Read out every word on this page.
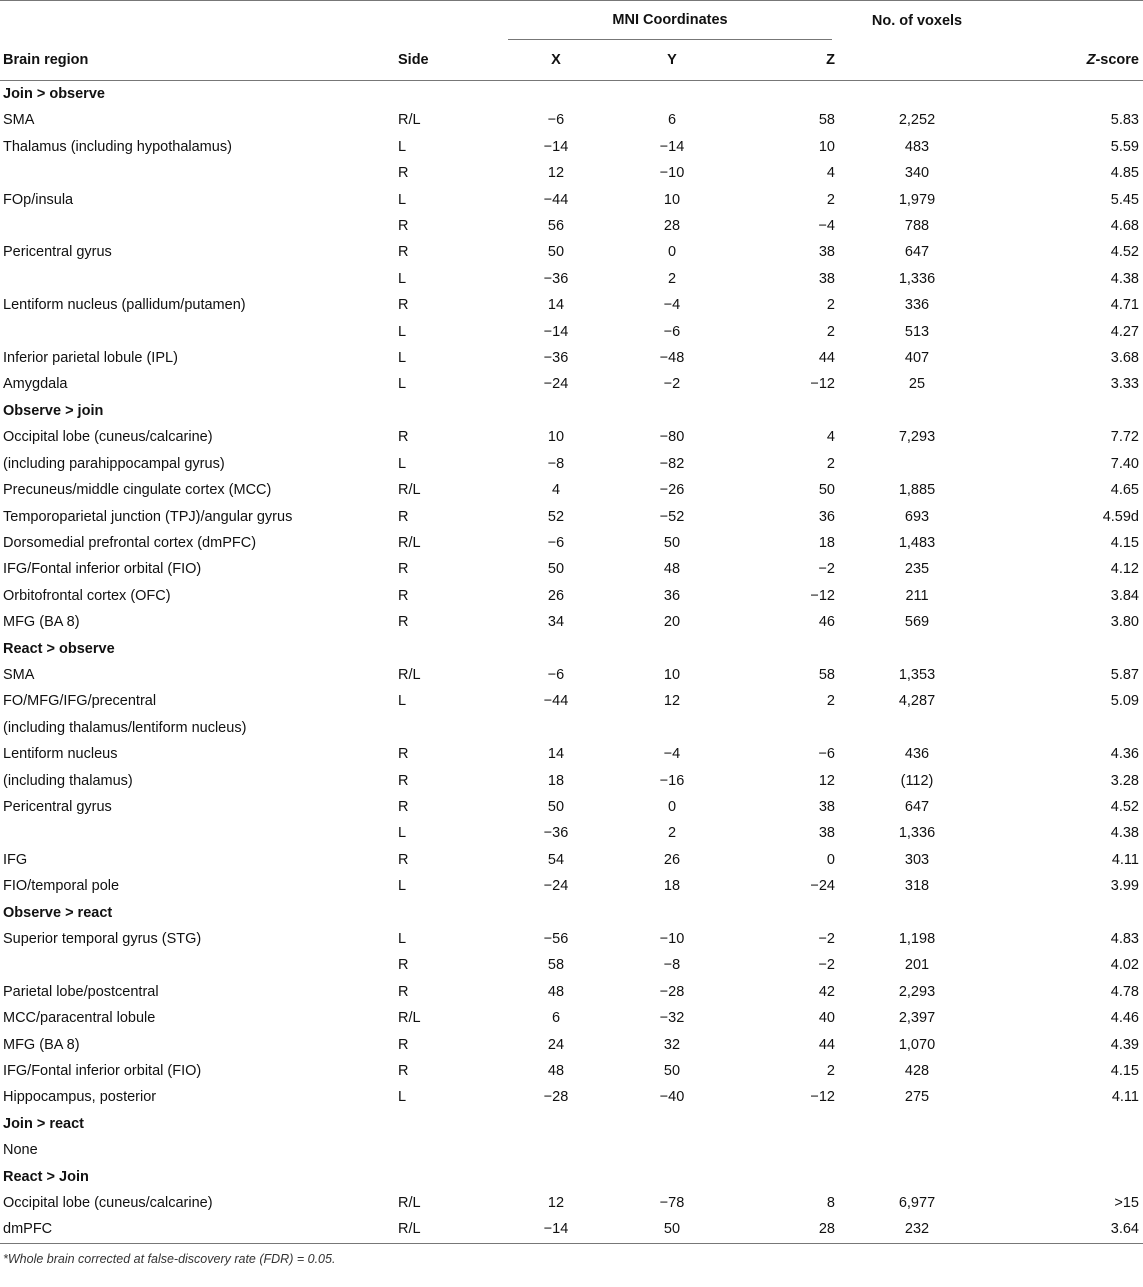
		MNI Coordinates			No. of voxels	
Brain region	Side	X	Y	Z		Z-score
Join > observe						
SMA	R/L	−6	6	58	2,252	5.83
Thalamus (including hypothalamus)	L	−14	−14	10	483	5.59
	R	12	−10	4	340	4.85
FOp/insula	L	−44	10	2	1,979	5.45
	R	56	28	−4	788	4.68
Pericentral gyrus	R	50	0	38	647	4.52
	L	−36	2	38	1,336	4.38
Lentiform nucleus (pallidum/putamen)	R	14	−4	2	336	4.71
	L	−14	−6	2	513	4.27
Inferior parietal lobule (IPL)	L	−36	−48	44	407	3.68
Amygdala	L	−24	−2	−12	25	3.33
Observe > join						
Occipital lobe (cuneus/calcarine)	R	10	−80	4	7,293	7.72
(including parahippocampal gyrus)	L	−8	−82	2		7.40
Precuneus/middle cingulate cortex (MCC)	R/L	4	−26	50	1,885	4.65
Temporoparietal junction (TPJ)/angular gyrus	R	52	−52	36	693	4.59d
Dorsomedial prefrontal cortex (dmPFC)	R/L	−6	50	18	1,483	4.15
IFG/Fontal inferior orbital (FIO)	R	50	48	−2	235	4.12
Orbitofrontal cortex (OFC)	R	26	36	−12	211	3.84
MFG (BA 8)	R	34	20	46	569	3.80
React > observe						
SMA	R/L	−6	10	58	1,353	5.87
FO/MFG/IFG/precentral	L	−44	12	2	4,287	5.09
(including thalamus/lentiform nucleus)						
Lentiform nucleus	R	14	−4	−6	436	4.36
(including thalamus)	R	18	−16	12	(112)	3.28
Pericentral gyrus	R	50	0	38	647	4.52
	L	−36	2	38	1,336	4.38
IFG	R	54	26	0	303	4.11
FIO/temporal pole	L	−24	18	−24	318	3.99
Observe > react						
Superior temporal gyrus (STG)	L	−56	−10	−2	1,198	4.83
	R	58	−8	−2	201	4.02
Parietal lobe/postcentral	R	48	−28	42	2,293	4.78
MCC/paracentral lobule	R/L	6	−32	40	2,397	4.46
MFG (BA 8)	R	24	32	44	1,070	4.39
IFG/Fontal inferior orbital (FIO)	R	48	50	2	428	4.15
Hippocampus, posterior	L	−28	−40	−12	275	4.11
Join > react						
None						
React > Join						
Occipital lobe (cuneus/calcarine)	R/L	12	−78	8	6,977	>15
dmPFC	R/L	−14	50	28	232	3.64
*Whole brain corrected at false-discovery rate (FDR) = 0.05.
